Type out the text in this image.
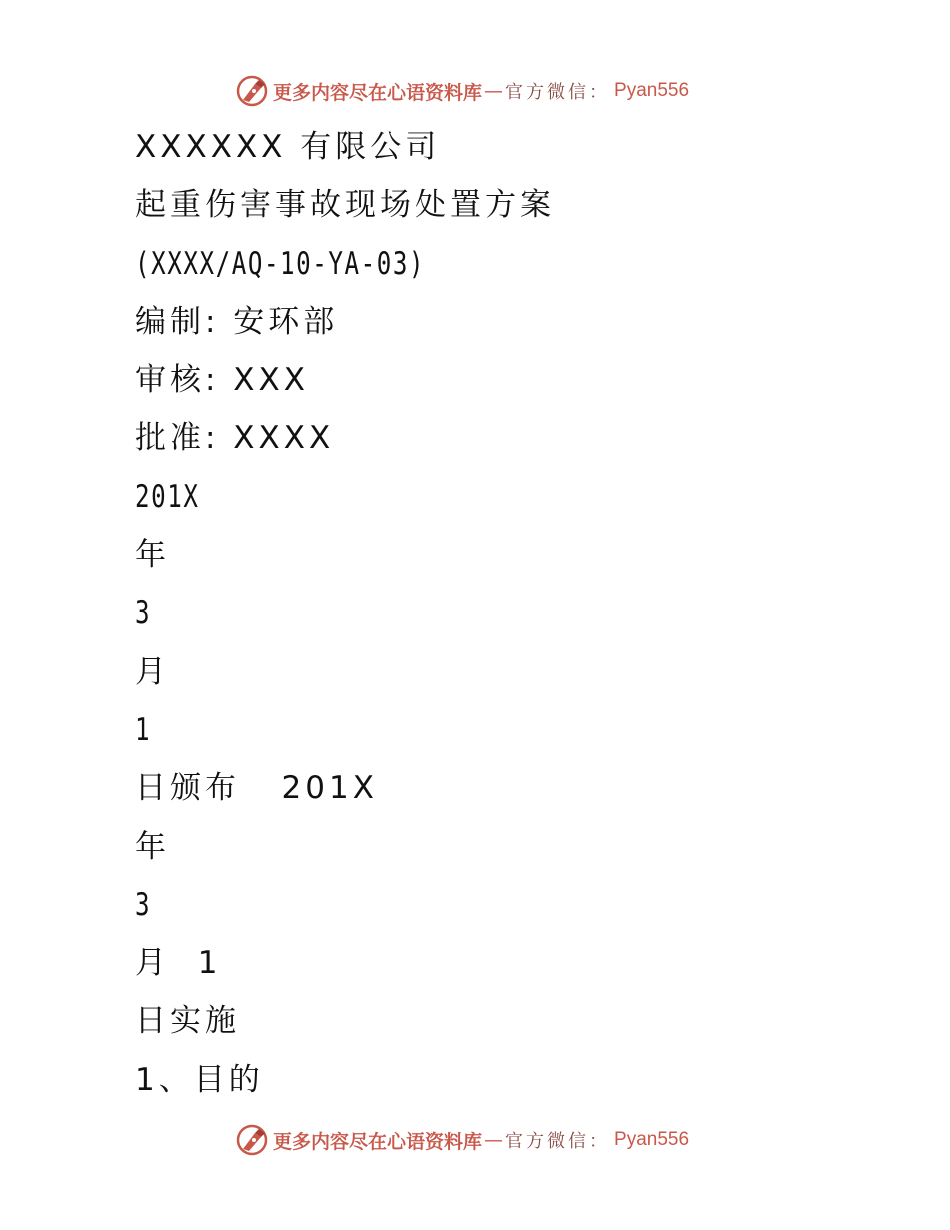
更多内容尽在心语资料库 — 官方微信： Pyan556
XXXXXX 有限公司
起重伤害事故现场处置方案
(XXXX/AQ-10-YA-03)
编制: 安环部
审核: XXX
批准: XXXX
201X
年
3
月
1
日颁布   201X
年
3
月  1
日实施
1、目的
更多内容尽在心语资料库 — 官方微信： Pyan556
